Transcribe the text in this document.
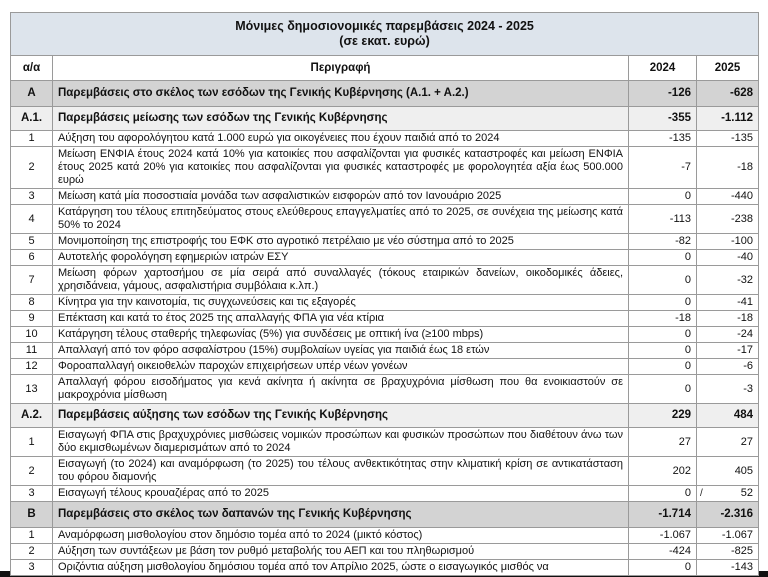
Μόνιμες δημοσιονομικές παρεμβάσεις 2024 - 2025
(σε εκατ. ευρώ)			

α/α	Περιγραφή	2024	2025
Α	Παρεμβάσεις στο σκέλος των εσόδων της Γενικής Κυβέρνησης (Α.1. + Α.2.)	-126	-628
Α.1.	Παρεμβάσεις μείωσης των εσόδων της Γενικής Κυβέρνησης	-355	-1.112
1	Αύξηση του αφορολόγητου κατά 1.000 ευρώ για οικογένειες που έχουν παιδιά από το 2024	-135	-135
2	Μείωση ΕΝΦΙΑ έτους 2024 κατά 10% για κατοικίες που ασφαλίζονται για φυσικές καταστροφές και μείωση ΕΝΦΙΑ έτους 2025 κατά 20% για κατοικίες που ασφαλίζονται για φυσικές καταστροφές με φορολογητέα αξία έως 500.000 ευρώ	-7	-18
3	Μείωση κατά μία ποσοστιαία μονάδα των ασφαλιστικών εισφορών από τον Ιανουάριο 2025	0	-440
4	Κατάργηση του τέλους επιτηδεύματος στους ελεύθερους επαγγελματίες από το 2025, σε συνέχεια της μείωσης κατά 50% το 2024	-113	-238
5	Μονιμοποίηση της επιστροφής του ΕΦΚ στο αγροτικό πετρέλαιο με νέο σύστημα από το 2025	-82	-100
6	Αυτοτελής φορολόγηση εφημεριών ιατρών ΕΣΥ	0	-40
7	Μείωση φόρων χαρτοσήμου σε μία σειρά από συναλλαγές (τόκους εταιρικών δανείων, οικοδομικές άδειες, χρησιδάνεια, γάμους, ασφαλιστήρια συμβόλαια κ.λπ.)	0	-32
8	Κίνητρα για την καινοτομία, τις συγχωνεύσεις και τις εξαγορές	0	-41
9	Επέκταση και κατά το έτος 2025 της απαλλαγής ΦΠΑ για νέα κτίρια	-18	-18
10	Κατάργηση τέλους σταθερής τηλεφωνίας (5%) για συνδέσεις με οπτική ίνα (≥100 mbps)	0	-24
11	Απαλλαγή από τον φόρο ασφαλίστρου (15%) συμβολαίων υγείας για παιδιά έως 18 ετών	0	-17
12	Φοροαπαλλαγή οικειοθελών παροχών επιχειρήσεων υπέρ νέων γονέων	0	-6
13	Απαλλαγή φόρου εισοδήματος για κενά ακίνητα ή ακίνητα σε βραχυχρόνια μίσθωση που θα ενοικιαστούν σε μακροχρόνια μίσθωση	0	-3
Α.2.	Παρεμβάσεις αύξησης των εσόδων της Γενικής Κυβέρνησης	229	484
1	Εισαγωγή ΦΠΑ στις βραχυχρόνιες μισθώσεις νομικών προσώπων και φυσικών προσώπων που διαθέτουν άνω των δύο εκμισθωμένων διαμερισμάτων από το 2024	27	27
2	Εισαγωγή (το 2024) και αναμόρφωση (το 2025) του τέλους ανθεκτικότητας στην κλιματική κρίση σε αντικατάσταση του φόρου διαμονής	202	405
3	Εισαγωγή τέλους κρουαζιέρας από το 2025	0	52
/

Β	Παρεμβάσεις στο σκέλος των δαπανών της Γενικής Κυβέρνησης	-1.714	-2.316
1	Αναμόρφωση μισθολογίου στον δημόσιο τομέα από το 2024 (μικτό κόστος)	-1.067	-1.067
2	Αύξηση των συντάξεων με βάση τον ρυθμό μεταβολής του ΑΕΠ και του πληθωρισμού	-424	-825
3	Οριζόντια αύξηση μισθολογίου δημόσιου τομέα από τον Απρίλιο 2025, ώστε ο εισαγωγικός μισθός να	0	-143
